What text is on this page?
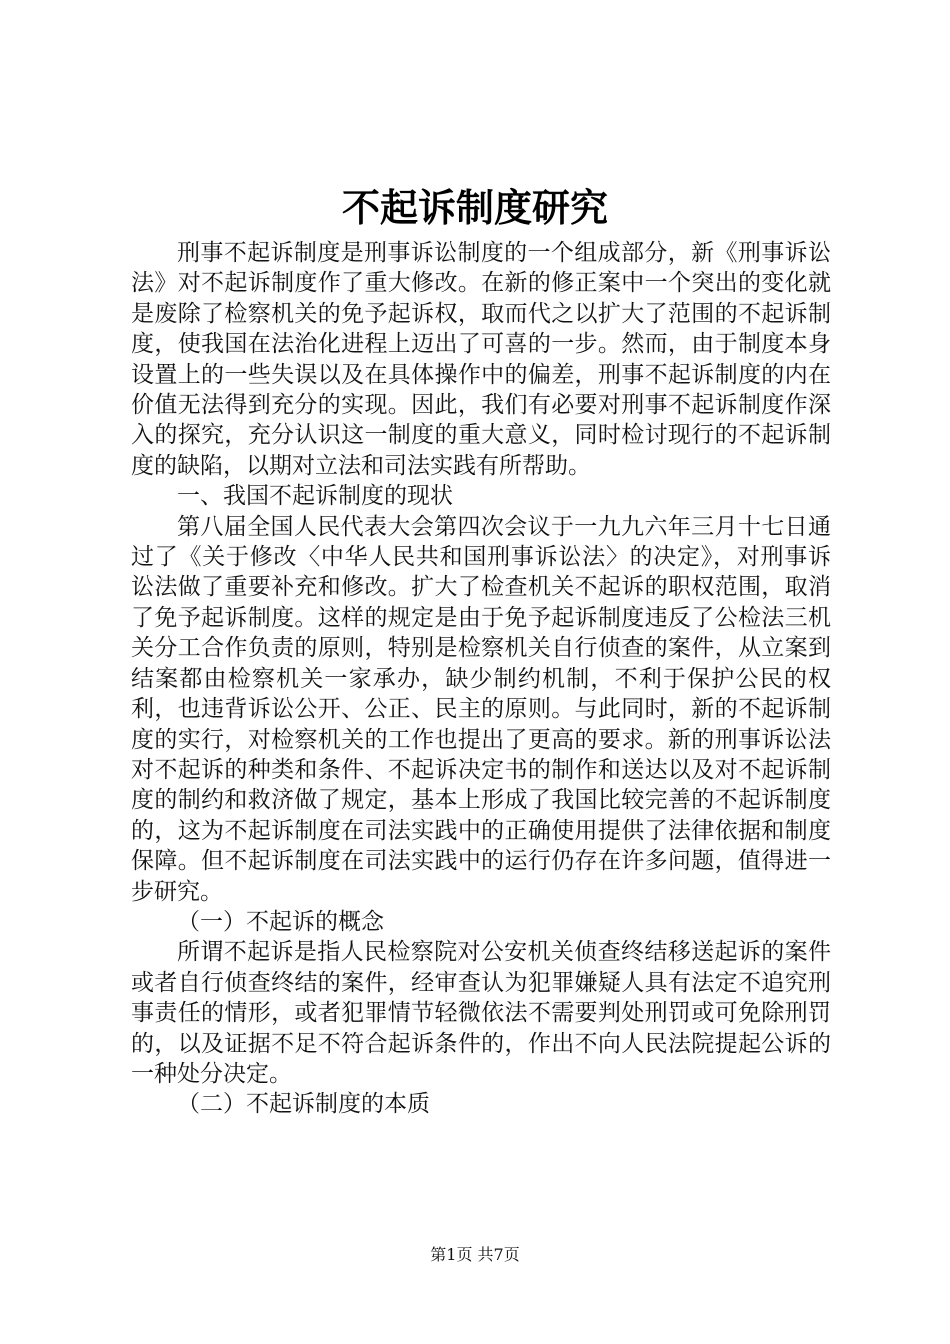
不起诉制度研究

刑事不起诉制度是刑事诉讼制度的一个组成部分，新《刑事诉讼法》对不起诉制度作了重大修改。在新的修正案中一个突出的变化就是废除了检察机关的免予起诉权，取而代之以扩大了范围的不起诉制度，使我国在法治化进程上迈出了可喜的一步。然而，由于制度本身设置上的一些失误以及在具体操作中的偏差，刑事不起诉制度的内在价值无法得到充分的实现。因此，我们有必要对刑事不起诉制度作深入的探究，充分认识这一制度的重大意义，同时检讨现行的不起诉制度的缺陷，以期对立法和司法实践有所帮助。

一、我国不起诉制度的现状

第八届全国人民代表大会第四次会议于一九九六年三月十七日通过了《关于修改〈中华人民共和国刑事诉讼法〉的决定》，对刑事诉讼法做了重要补充和修改。扩大了检查机关不起诉的职权范围，取消了免予起诉制度。这样的规定是由于免予起诉制度违反了公检法三机关分工合作负责的原则，特别是检察机关自行侦查的案件，从立案到结案都由检察机关一家承办，缺少制约机制，不利于保护公民的权利，也违背诉讼公开、公正、民主的原则。与此同时，新的不起诉制度的实行，对检察机关的工作也提出了更高的要求。新的刑事诉讼法对不起诉的种类和条件、不起诉决定书的制作和送达以及对不起诉制度的制约和救济做了规定，基本上形成了我国比较完善的不起诉制度的，这为不起诉制度在司法实践中的正确使用提供了法律依据和制度保障。但不起诉制度在司法实践中的运行仍存在许多问题，值得进一步研究。

（一）不起诉的概念

所谓不起诉是指人民检察院对公安机关侦查终结移送起诉的案件或者自行侦查终结的案件，经审查认为犯罪嫌疑人具有法定不追究刑事责任的情形，或者犯罪情节轻微依法不需要判处刑罚或可免除刑罚的，以及证据不足不符合起诉条件的，作出不向人民法院提起公诉的一种处分决定。

（二）不起诉制度的本质

第1页 共7页
